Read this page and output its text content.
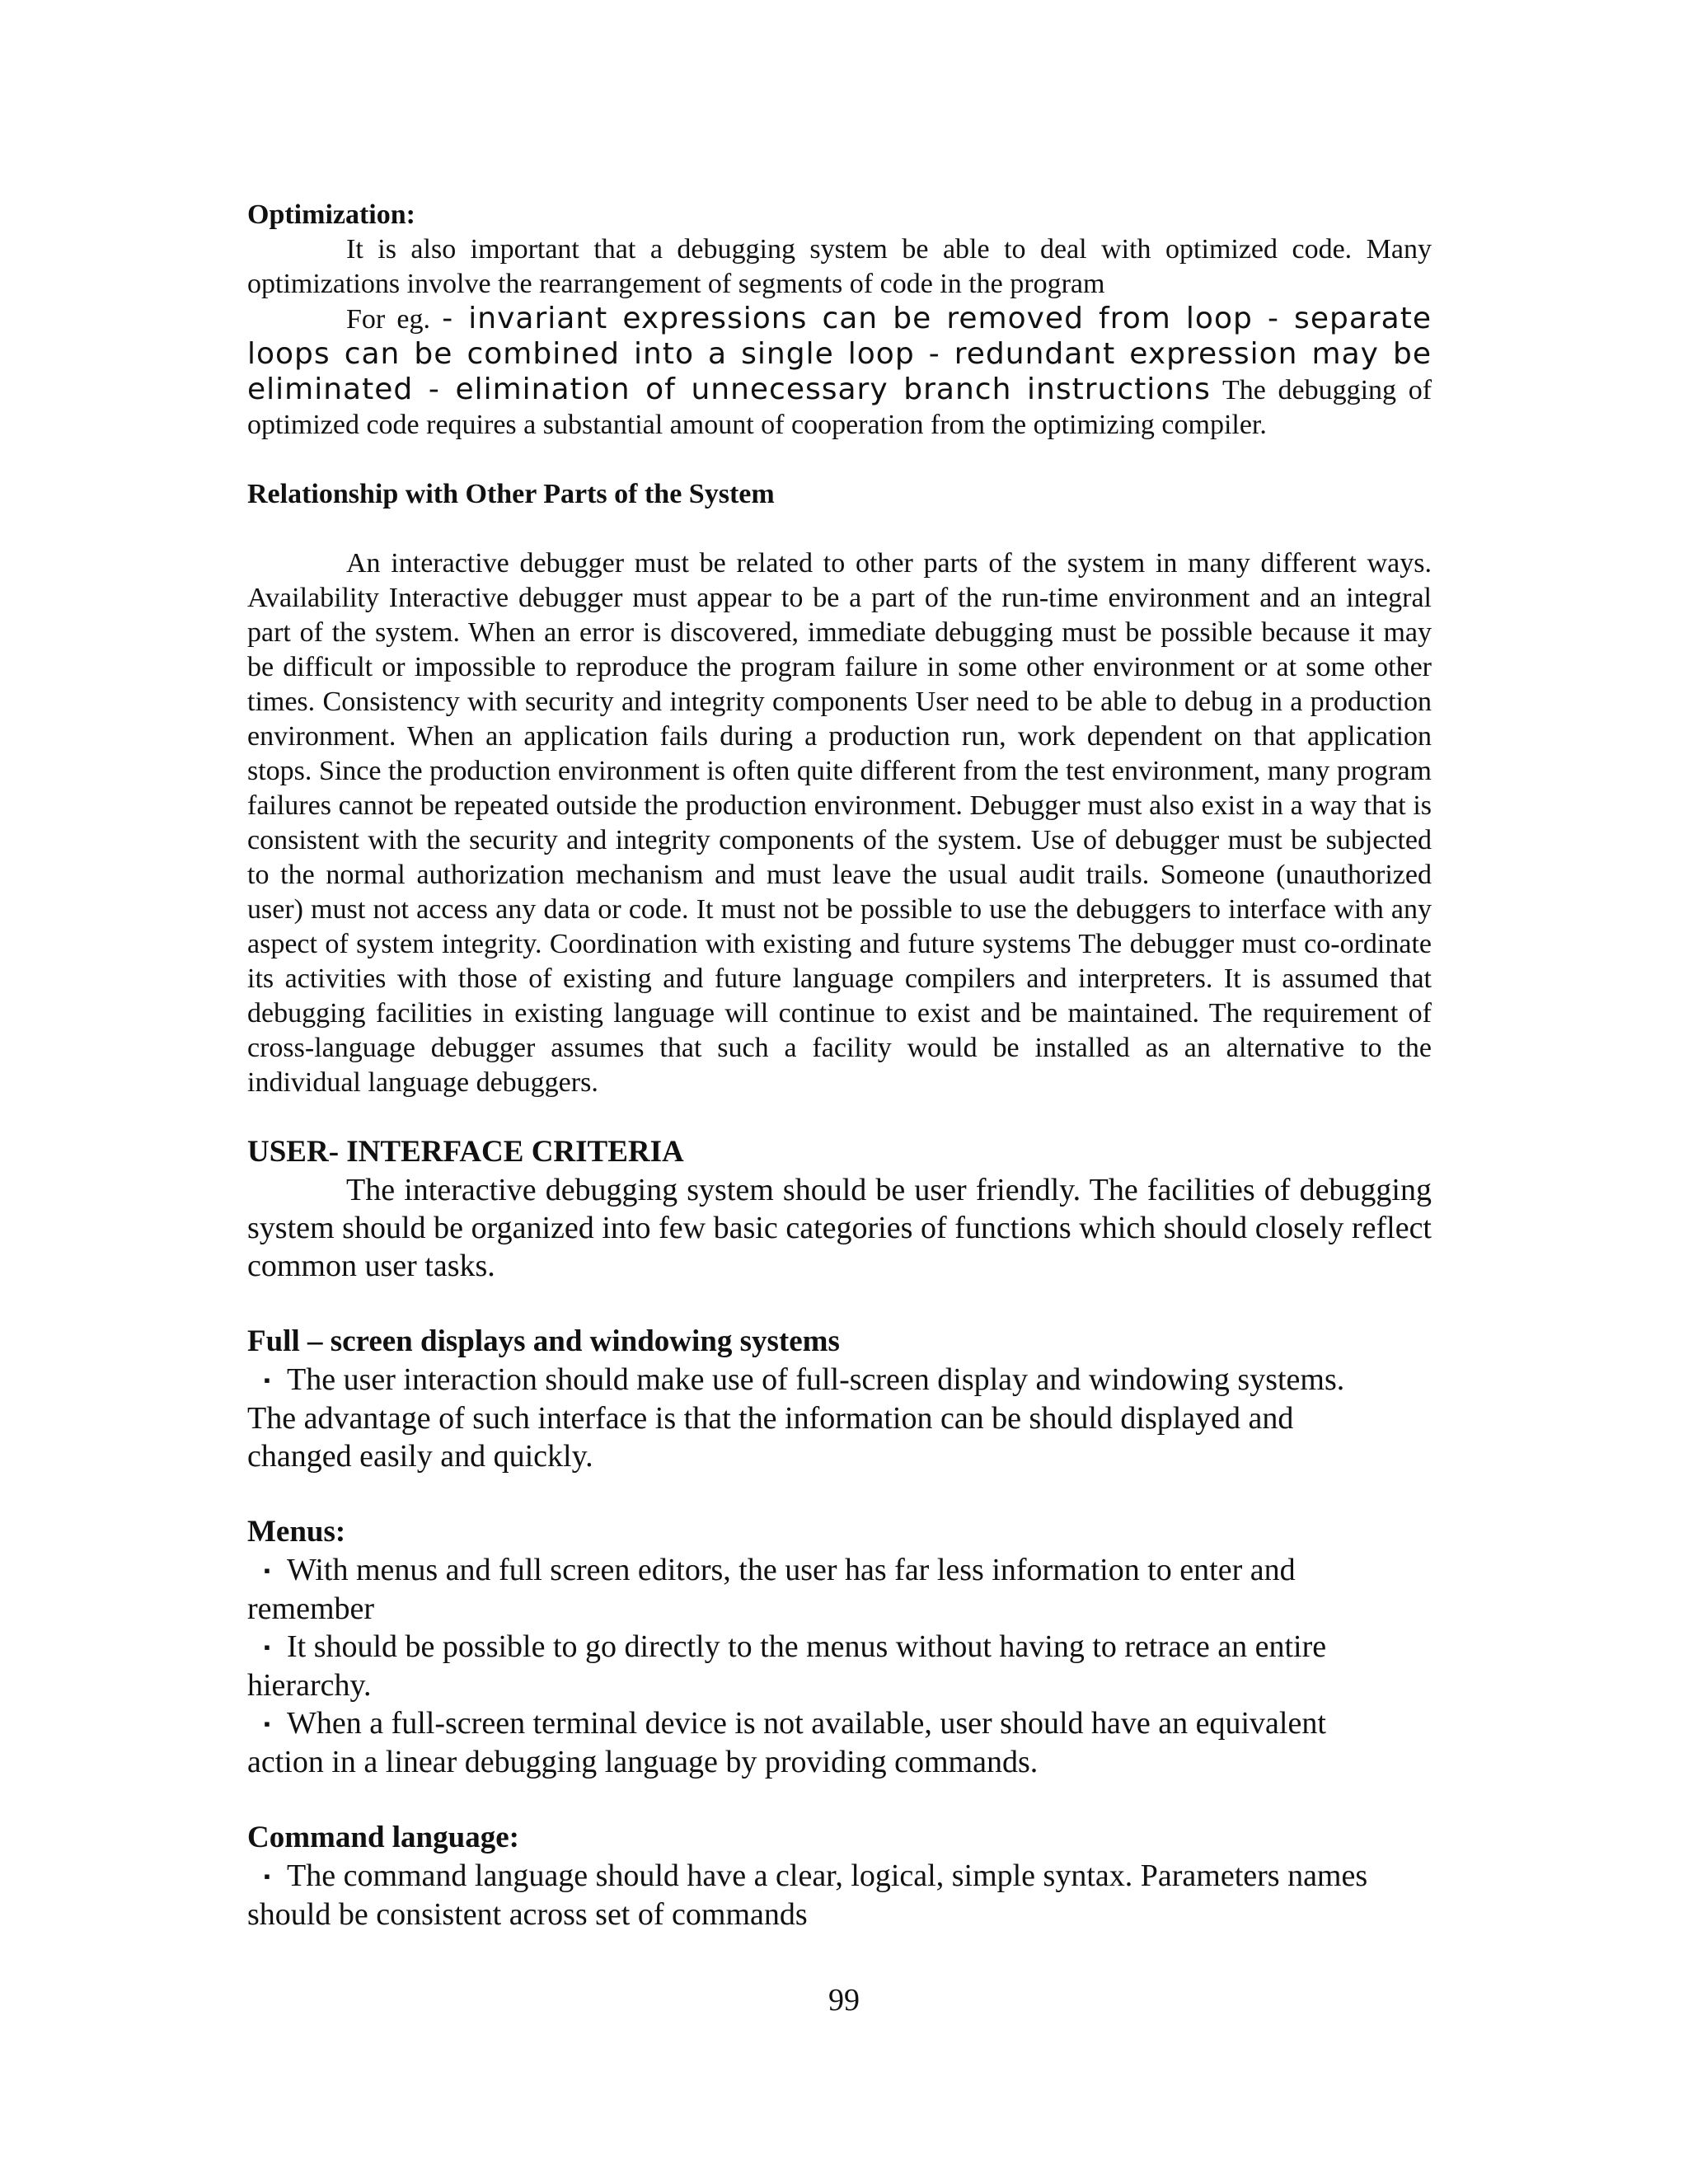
Optimization:

It is also important that a debugging system be able to deal with optimized code. Many optimizations involve the rearrangement of segments of code in the program

For eg. - invariant expressions can be removed from loop - separate loops can be combined into a single loop - redundant expression may be eliminated - elimination of unnecessary branch instructions The debugging of optimized code requires a substantial amount of cooperation from the optimizing compiler.

Relationship with Other Parts of the System

An interactive debugger must be related to other parts of the system in many different ways. Availability Interactive debugger must appear to be a part of the run-time environment and an integral part of the system. When an error is discovered, immediate debugging must be possible because it may be difficult or impossible to reproduce the program failure in some other environment or at some other times. Consistency with security and integrity components User need to be able to debug in a production environment. When an application fails during a production run, work dependent on that application stops. Since the production environment is often quite different from the test environment, many program failures cannot be repeated outside the production environment. Debugger must also exist in a way that is consistent with the security and integrity components of the system. Use of debugger must be subjected to the normal authorization mechanism and must leave the usual audit trails. Someone (unauthorized user) must not access any data or code. It must not be possible to use the debuggers to interface with any aspect of system integrity. Coordination with existing and future systems The debugger must co-ordinate its activities with those of existing and future language compilers and interpreters. It is assumed that debugging facilities in existing language will continue to exist and be maintained. The requirement of cross-language debugger assumes that such a facility would be installed as an alternative to the individual language debuggers.

USER- INTERFACE CRITERIA

The interactive debugging system should be user friendly. The facilities of debugging system should be organized into few basic categories of functions which should closely reflect common user tasks.

Full – screen displays and windowing systems

▪ The user interaction should make use of full-screen display and windowing systems.

The advantage of such interface is that the information can be should displayed and changed easily and quickly.

Menus:

▪ With menus and full screen editors, the user has far less information to enter and remember

▪ It should be possible to go directly to the menus without having to retrace an entire hierarchy.

▪ When a full-screen terminal device is not available, user should have an equivalent action in a linear debugging language by providing commands.

Command language:

▪ The command language should have a clear, logical, simple syntax. Parameters names should be consistent across set of commands

99
